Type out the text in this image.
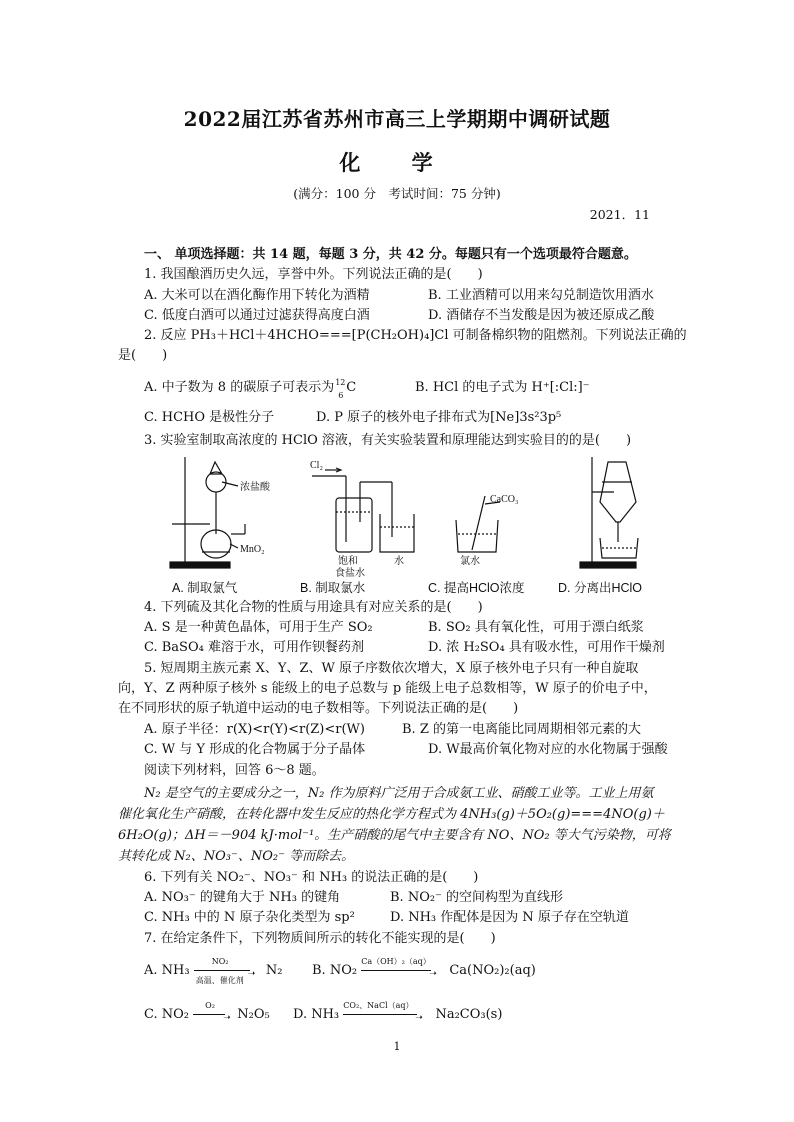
2022届江苏省苏州市高三上学期期中调研试题
化 学
(满分：100 分　考试时间：75 分钟)
2021．11
一、 单项选择题：共 14 题，每题 3 分，共 42 分。每题只有一个选项最符合题意。
1. 我国酿酒历史久远，享誉中外。下列说法正确的是(　　)
A. 大米可以在酒化酶作用下转化为酒精	B. 工业酒精可以用来勾兑制造饮用酒水
C. 低度白酒可以通过过滤获得高度白酒	D. 酒储存不当发酸是因为被还原成乙酸
2. 反应 PH₃＋HCl＋4HCHO===[P(CH₂OH)₄]Cl 可制备棉织物的阻燃剂。下列说法正确的
是(　　)
A. 中子数为 8 的碳原子可表示为 12
6
C	B. HCl 的电子式为 H⁺[:Cl:]⁻
C. HCHO 是极性分子	D. P 原子的核外电子排布式为[Ne]3s²3p⁵
3. 实验室制取高浓度的 HClO 溶液，有关实验装置和原理能达到实验目的的是(　　)
浓盐酸
MnO₂
Cl₂
饱和
食盐水
水
CaCO₃
氯水
A. 制取氯气	B. 制取氯水	C. 提高HClO浓度	D. 分离出HClO
4. 下列硫及其化合物的性质与用途具有对应关系的是(　　)
A. S 是一种黄色晶体，可用于生产 SO₂	B. SO₂ 具有氧化性，可用于漂白纸浆
C. BaSO₄ 难溶于水，可用作钡餐药剂	D. 浓 H₂SO₄ 具有吸水性，可用作干燥剂
5. 短周期主族元素 X、Y、Z、W 原子序数依次增大，X 原子核外电子只有一种自旋取
向，Y、Z 两种原子核外 s 能级上的电子总数与 p 能级上电子总数相等，W 原子的价电子中，
在不同形状的原子轨道中运动的电子数相等。下列说法正确的是(　　)
A. 原子半径：r(X)<r(Y)<r(Z)<r(W)	B. Z 的第一电离能比同周期相邻元素的大
C. W 与 Y 形成的化合物属于分子晶体	D. W最高价氧化物对应的水化物属于强酸
阅读下列材料，回答 6～8 题。
N₂ 是空气的主要成分之一，N₂ 作为原料广泛用于合成氨工业、硝酸工业等。工业上用氨
催化氧化生产硝酸，在转化器中发生反应的热化学方程式为 4NH₃(g)＋5O₂(g)===4NO(g)＋
6H₂O(g)；ΔH＝－904 kJ·mol⁻¹。生产硝酸的尾气中主要含有 NO、NO₂ 等大气污染物，可将
其转化成 N₂、NO₃⁻、NO₂⁻ 等而除去。
6. 下列有关 NO₂⁻、NO₃⁻ 和 NH₃ 的说法正确的是(　　)
A. NO₃⁻ 的键角大于 NH₃ 的键角	B. NO₂⁻ 的空间构型为直线形
C. NH₃ 中的 N 原子杂化类型为 sp²	D. NH₃ 作配体是因为 N 原子存在空轨道
7. 在给定条件下，下列物质间所示的转化不能实现的是(　　)
A. NH₃
NO₂
➝
高温、催化剂
N₂ B. NO₂
Ca（OH）₂（aq）
➝ Ca(NO₂)₂(aq)
C. NO₂
O₂
➝ N₂O₅ D. NH₃
CO₂、NaCl（aq）
➝ Na₂CO₃(s)
1
